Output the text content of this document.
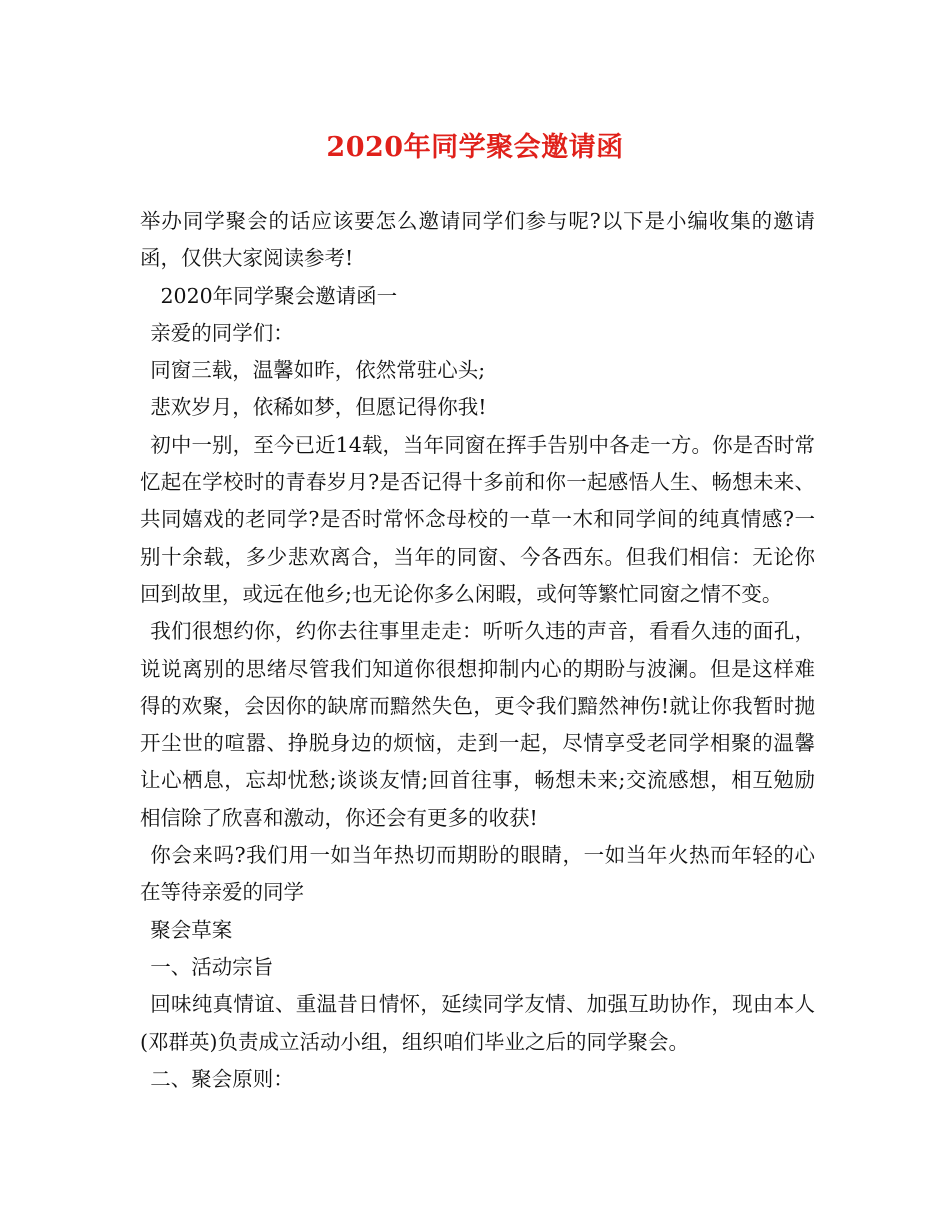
2020年同学聚会邀请函

举办同学聚会的话应该要怎么邀请同学们参与呢?以下是小编收集的邀请函，仅供大家阅读参考!

2020年同学聚会邀请函一

亲爱的同学们：

同窗三载，温馨如昨，依然常驻心头;

悲欢岁月，依稀如梦，但愿记得你我!

初中一别，至今已近14载，当年同窗在挥手告别中各走一方。你是否时常忆起在学校时的青春岁月?是否记得十多前和你一起感悟人生、畅想未来、共同嬉戏的老同学?是否时常怀念母校的一草一木和同学间的纯真情感?一别十余载，多少悲欢离合，当年的同窗、今各西东。但我们相信：无论你回到故里，或远在他乡;也无论你多么闲暇，或何等繁忙同窗之情不变。

我们很想约你，约你去往事里走走：听听久违的声音，看看久违的面孔，说说离别的思绪尽管我们知道你很想抑制内心的期盼与波澜。但是这样难得的欢聚，会因你的缺席而黯然失色，更令我们黯然神伤!就让你我暂时抛开尘世的喧嚣、挣脱身边的烦恼，走到一起，尽情享受老同学相聚的温馨让心栖息，忘却忧愁;谈谈友情;回首往事，畅想未来;交流感想，相互勉励相信除了欣喜和激动，你还会有更多的收获!

你会来吗?我们用一如当年热切而期盼的眼睛，一如当年火热而年轻的心在等待亲爱的同学

聚会草案

一、活动宗旨

回味纯真情谊、重温昔日情怀，延续同学友情、加强互助协作，现由本人(邓群英)负责成立活动小组，组织咱们毕业之后的同学聚会。

二、聚会原则：
